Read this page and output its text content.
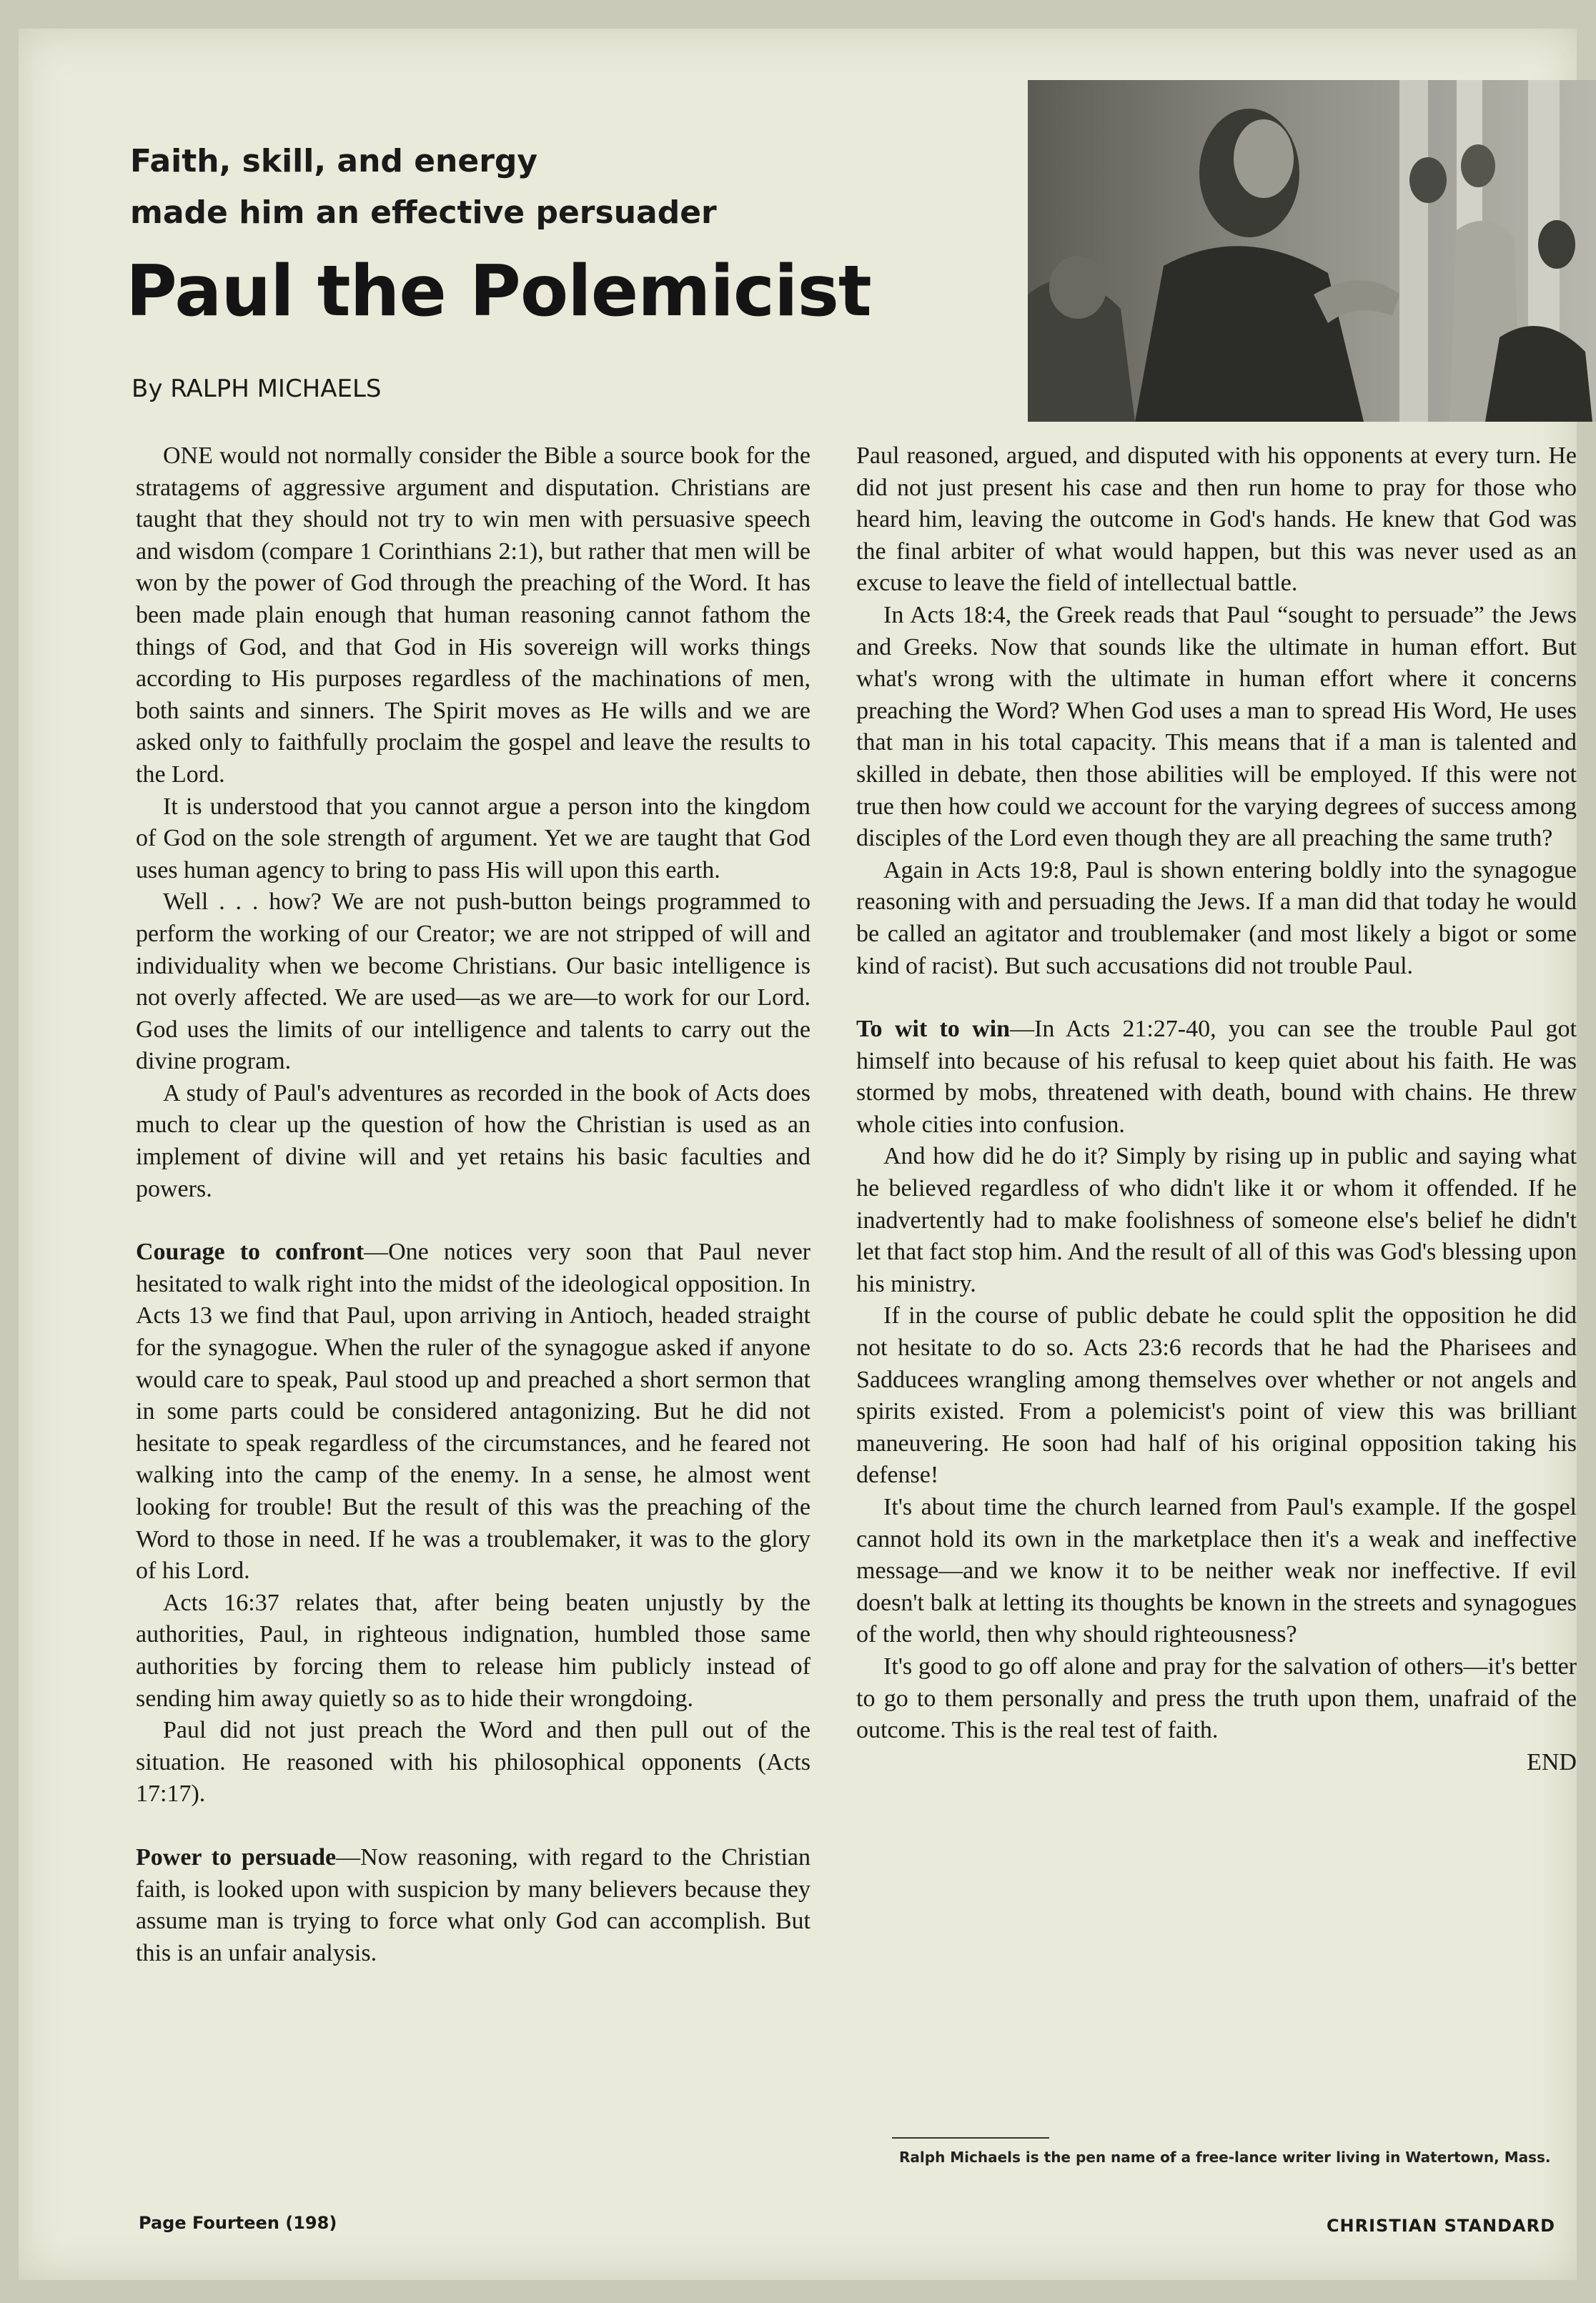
Faith, skill, and energy
made him an effective persuader
Paul the Polemicist
By RALPH MICHAELS

ONE would not normally consider the Bible a source book for the stratagems of aggressive argument and disputation. Christians are taught that they should not try to win men with persuasive speech and wisdom (compare 1 Corinthians 2:1), but rather that men will be won by the power of God through the preaching of the Word. It has been made plain enough that human reasoning cannot fathom the things of God, and that God in His sovereign will works things according to His purposes regardless of the machinations of men, both saints and sinners. The Spirit moves as He wills and we are asked only to faithfully proclaim the gospel and leave the results to the Lord.

It is understood that you cannot argue a person into the kingdom of God on the sole strength of argument. Yet we are taught that God uses human agency to bring to pass His will upon this earth.

Well . . . how? We are not push-button beings programmed to perform the working of our Creator; we are not stripped of will and individuality when we become Christians. Our basic intelligence is not overly affected. We are used—as we are—to work for our Lord. God uses the limits of our intelligence and talents to carry out the divine program.

A study of Paul's adventures as recorded in the book of Acts does much to clear up the question of how the Christian is used as an implement of divine will and yet retains his basic faculties and powers.

Courage to confront—One notices very soon that Paul never hesitated to walk right into the midst of the ideological opposition. In Acts 13 we find that Paul, upon arriving in Antioch, headed straight for the synagogue. When the ruler of the synagogue asked if anyone would care to speak, Paul stood up and preached a short sermon that in some parts could be considered antagonizing. But he did not hesitate to speak regardless of the circumstances, and he feared not walking into the camp of the enemy. In a sense, he almost went looking for trouble! But the result of this was the preaching of the Word to those in need. If he was a troublemaker, it was to the glory of his Lord.

Acts 16:37 relates that, after being beaten unjustly by the authorities, Paul, in righteous indignation, humbled those same authorities by forcing them to release him publicly instead of sending him away quietly so as to hide their wrongdoing.

Paul did not just preach the Word and then pull out of the situation. He reasoned with his philosophical opponents (Acts 17:17).

Power to persuade—Now reasoning, with regard to the Christian faith, is looked upon with suspicion by many believers because they assume man is trying to force what only God can accomplish. But this is an unfair analysis.

Paul reasoned, argued, and disputed with his opponents at every turn. He did not just present his case and then run home to pray for those who heard him, leaving the outcome in God's hands. He knew that God was the final arbiter of what would happen, but this was never used as an excuse to leave the field of intellectual battle.

In Acts 18:4, the Greek reads that Paul “sought to persuade” the Jews and Greeks. Now that sounds like the ultimate in human effort. But what's wrong with the ultimate in human effort where it concerns preaching the Word? When God uses a man to spread His Word, He uses that man in his total capacity. This means that if a man is talented and skilled in debate, then those abilities will be employed. If this were not true then how could we account for the varying degrees of success among disciples of the Lord even though they are all preaching the same truth?

Again in Acts 19:8, Paul is shown entering boldly into the synagogue reasoning with and persuading the Jews. If a man did that today he would be called an agitator and troublemaker (and most likely a bigot or some kind of racist). But such accusations did not trouble Paul.

To wit to win—In Acts 21:27-40, you can see the trouble Paul got himself into because of his refusal to keep quiet about his faith. He was stormed by mobs, threatened with death, bound with chains. He threw whole cities into confusion.

And how did he do it? Simply by rising up in public and saying what he believed regardless of who didn't like it or whom it offended. If he inadvertently had to make foolishness of someone else's belief he didn't let that fact stop him. And the result of all of this was God's blessing upon his ministry.

If in the course of public debate he could split the opposition he did not hesitate to do so. Acts 23:6 records that he had the Pharisees and Sadducees wrangling among themselves over whether or not angels and spirits existed. From a polemicist's point of view this was brilliant maneuvering. He soon had half of his original opposition taking his defense!

It's about time the church learned from Paul's example. If the gospel cannot hold its own in the marketplace then it's a weak and ineffective message—and we know it to be neither weak nor ineffective. If evil doesn't balk at letting its thoughts be known in the streets and synagogues of the world, then why should righteousness?

It's good to go off alone and pray for the salvation of others—it's better to go to them personally and press the truth upon them, unafraid of the outcome. This is the real test of faith.

END
Ralph Michaels is the pen name of a free-lance writer living in Watertown, Mass.
Page Fourteen (198)	CHRISTIAN STANDARD
